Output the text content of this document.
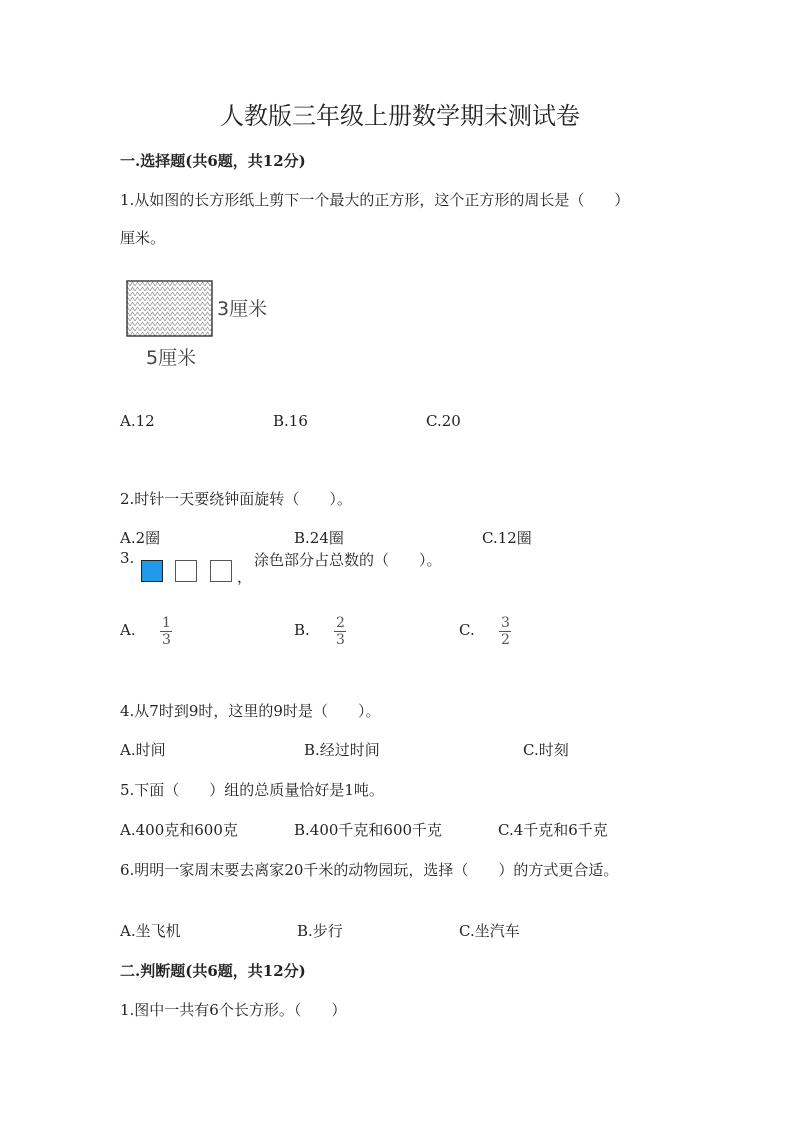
人教版三年级上册数学期末测试卷
一.选择题(共6题，共12分)
1.从如图的长方形纸上剪下一个最大的正方形，这个正方形的周长是（　　）
厘米。
3厘米
5厘米
A.12	B.16	C.20
2.时针一天要绕钟面旋转（　　）。
A.2圈	B.24圈	C.12圈
3.
，
涂色部分占总数的（　　）。
A. 1
3
B. 2
3
C. 3
2
4.从7时到9时，这里的9时是（　　）。
A.时间	B.经过时间	C.时刻
5.下面（　　）组的总质量恰好是1吨。
A.400克和600克	B.400千克和600千克	C.4千克和6千克
6.明明一家周末要去离家20千米的动物园玩，选择（　　）的方式更合适。
A.坐飞机	B.步行	C.坐汽车
二.判断题(共6题，共12分)
1.图中一共有6个长方形。（　　）
